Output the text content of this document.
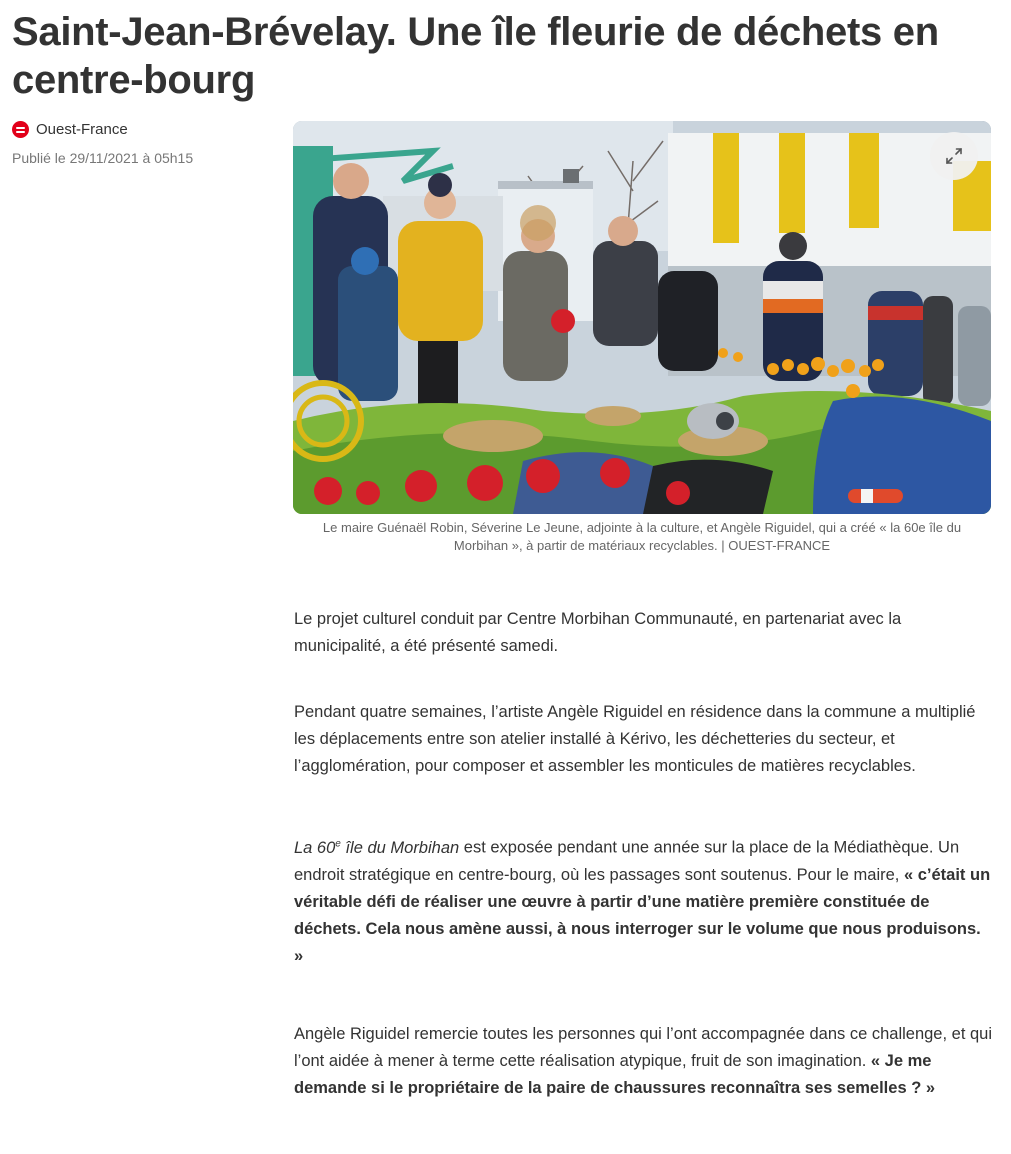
Saint-Jean-Brévelay. Une île fleurie de déchets en centre-bourg
Ouest-France
Publié le 29/11/2021 à 05h15
Le maire Guénaël Robin, Séverine Le Jeune, adjointe à la culture, et Angèle Riguidel, qui a créé « la 60e île du Morbihan », à partir de matériaux recyclables. | OUEST-FRANCE

Le projet culturel conduit par Centre Morbihan Communauté, en partenariat avec la municipalité, a été présenté samedi.

Pendant quatre semaines, l’artiste Angèle Riguidel en résidence dans la commune a multiplié les déplacements entre son atelier installé à Kérivo, les déchetteries du secteur, et l’agglomération, pour composer et assembler les monticules de matières recyclables.

La 60e île du Morbihan est exposée pendant une année sur la place de la Médiathèque. Un endroit stratégique en centre-bourg, où les passages sont soutenus. Pour le maire, « c’était un véritable défi de réaliser une œuvre à partir d’une matière première constituée de déchets. Cela nous amène aussi, à nous interroger sur le volume que nous produisons. »

Angèle Riguidel remercie toutes les personnes qui l’ont accompagnée dans ce challenge, et qui l’ont aidée à mener à terme cette réalisation atypique, fruit de son imagination. « Je me demande si le propriétaire de la paire de chaussures reconnaîtra ses semelles ? »
